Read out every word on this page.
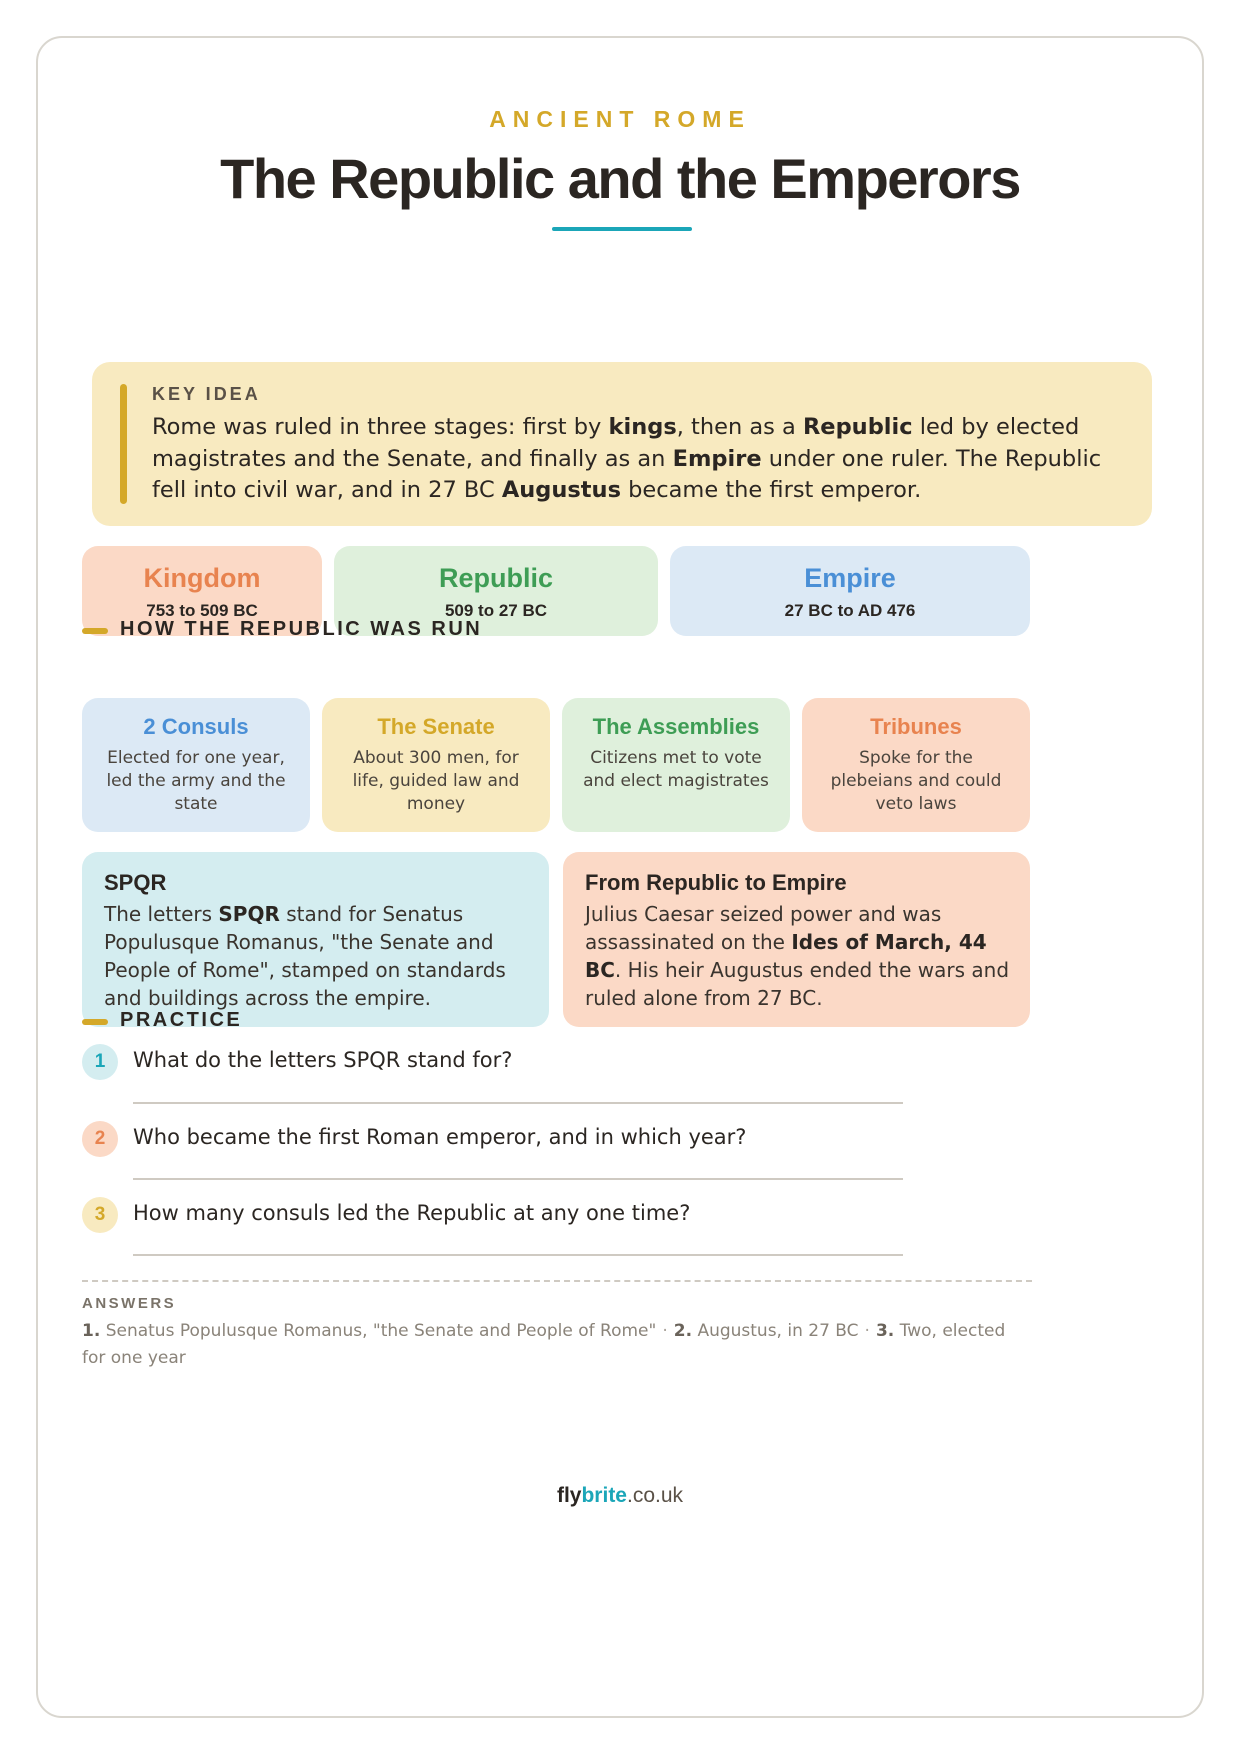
ANCIENT ROME
The Republic and the Emperors
KEY IDEA
Rome was ruled in three stages: first by kings, then as a Republic led by elected magistrates and the Senate, and finally as an Empire under one ruler. The Republic fell into civil war, and in 27 BC Augustus became the first emperor.
Kingdom
753 to 509 BC
Republic
509 to 27 BC
Empire
27 BC to AD 476
HOW THE REPUBLIC WAS RUN
2 Consuls
Elected for one year, led the army and the state
The Senate
About 300 men, for life, guided law and money
The Assemblies
Citizens met to vote and elect magistrates
Tribunes
Spoke for the plebeians and could veto laws
SPQR
The letters SPQR stand for Senatus Populusque Romanus, "the Senate and People of Rome", stamped on standards and buildings across the empire.
From Republic to Empire
Julius Caesar seized power and was assassinated on the Ides of March, 44 BC. His heir Augustus ended the wars and ruled alone from 27 BC.
PRACTICE
1	What do the letters SPQR stand for?
2	Who became the first Roman emperor, and in which year?
3	How many consuls led the Republic at any one time?
ANSWERS
1. Senatus Populusque Romanus, "the Senate and People of Rome" · 2. Augustus, in 27 BC · 3. Two, elected for one year
flybrite.co.uk
